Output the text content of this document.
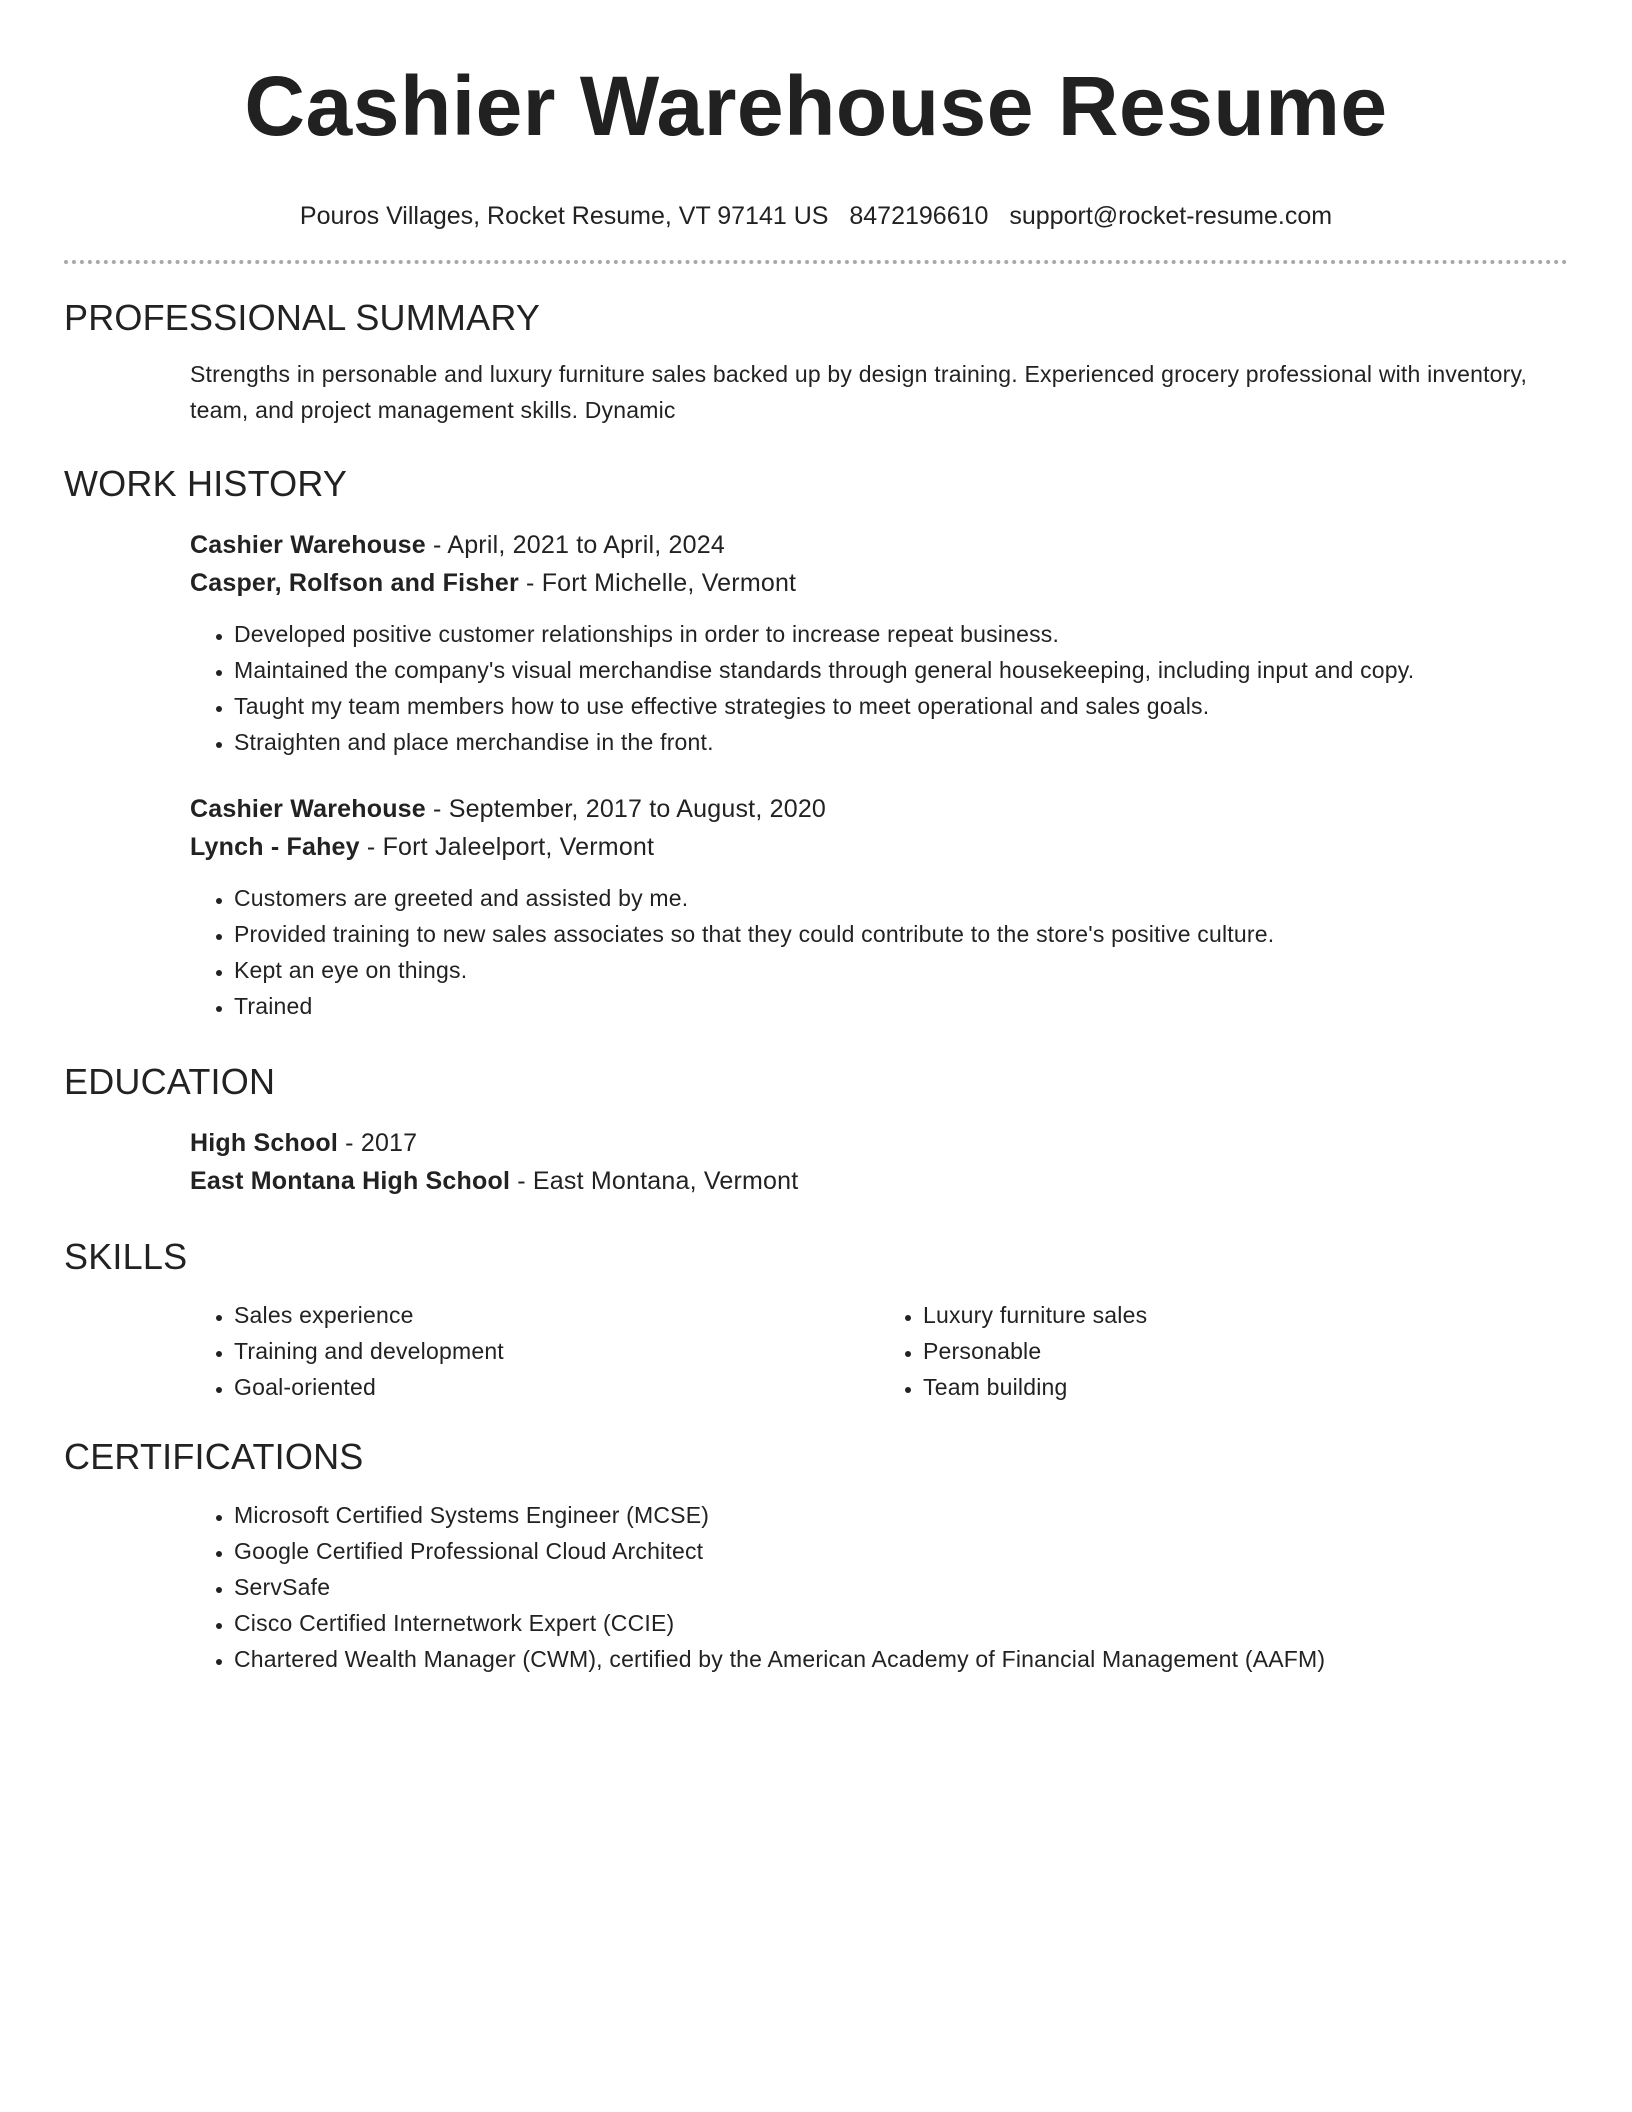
Cashier Warehouse Resume
Pouros Villages, Rocket Resume, VT 97141 US 8472196610 support@rocket-resume.com
PROFESSIONAL SUMMARY

Strengths in personable and luxury furniture sales backed up by design training. Experienced grocery professional with inventory, team, and project management skills. Dynamic

WORK HISTORY
Cashier Warehouse - April, 2021 to April, 2024
Casper, Rolfson and Fisher - Fort Michelle, Vermont
• Developed positive customer relationships in order to increase repeat business.
• Maintained the company's visual merchandise standards through general housekeeping, including input and copy.
• Taught my team members how to use effective strategies to meet operational and sales goals.
• Straighten and place merchandise in the front.
Cashier Warehouse - September, 2017 to August, 2020
Lynch - Fahey - Fort Jaleelport, Vermont
• Customers are greeted and assisted by me.
• Provided training to new sales associates so that they could contribute to the store's positive culture.
• Kept an eye on things.
• Trained
EDUCATION
High School - 2017
East Montana High School - East Montana, Vermont
SKILLS
• Sales experience
• Training and development
• Goal-oriented
• Luxury furniture sales
• Personable
• Team building
CERTIFICATIONS
• Microsoft Certified Systems Engineer (MCSE)
• Google Certified Professional Cloud Architect
• ServSafe
• Cisco Certified Internetwork Expert (CCIE)
• Chartered Wealth Manager (CWM), certified by the American Academy of Financial Management (AAFM)
